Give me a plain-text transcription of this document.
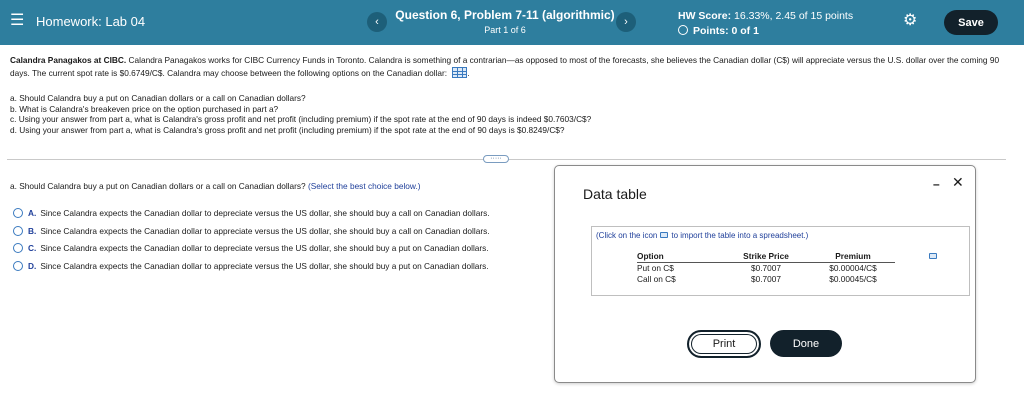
☰ Homework: Lab 04	‹	Question 6, Problem 7-11 (algorithmic)
Part 1 of 6
›	HW Score: 16.33%, 2.45 of 15 points
Points: 0 of 1
⚙	Save
Calandra Panagakos at CIBC. Calandra Panagakos works for CIBC Currency Funds in Toronto. Calandra is something of a contrarian—as opposed to most of the forecasts, she believes the Canadian dollar (C$) will appreciate versus the U.S. dollar over the coming 90 days. The current spot rate is $0.6749/C$. Calandra may choose between the following options on the Canadian dollar: .
a. Should Calandra buy a put on Canadian dollars or a call on Canadian dollars?
b. What is Calandra's breakeven price on the option purchased in part a?
c. Using your answer from part a, what is Calandra's gross profit and net profit (including premium) if the spot rate at the end of 90 days is indeed $0.7603/C$?
d. Using your answer from part a, what is Calandra's gross profit and net profit (including premium) if the spot rate at the end of 90 days is $0.8249/C$?
·····
a. Should Calandra buy a put on Canadian dollars or a call on Canadian dollars? (Select the best choice below.)
A. Since Calandra expects the Canadian dollar to depreciate versus the US dollar, she should buy a call on Canadian dollars.
B. Since Calandra expects the Canadian dollar to appreciate versus the US dollar, she should buy a call on Canadian dollars.
C. Since Calandra expects the Canadian dollar to depreciate versus the US dollar, she should buy a put on Canadian dollars.
D. Since Calandra expects the Canadian dollar to appreciate versus the US dollar, she should buy a put on Canadian dollars.
Data table
– ✕
(Click on the icon to import the table into a spreadsheet.)
Option	Strike Price	Premium
Put on C$	$0.7007	$0.00004/C$
Call on C$	$0.7007	$0.00045/C$
Print	Done
